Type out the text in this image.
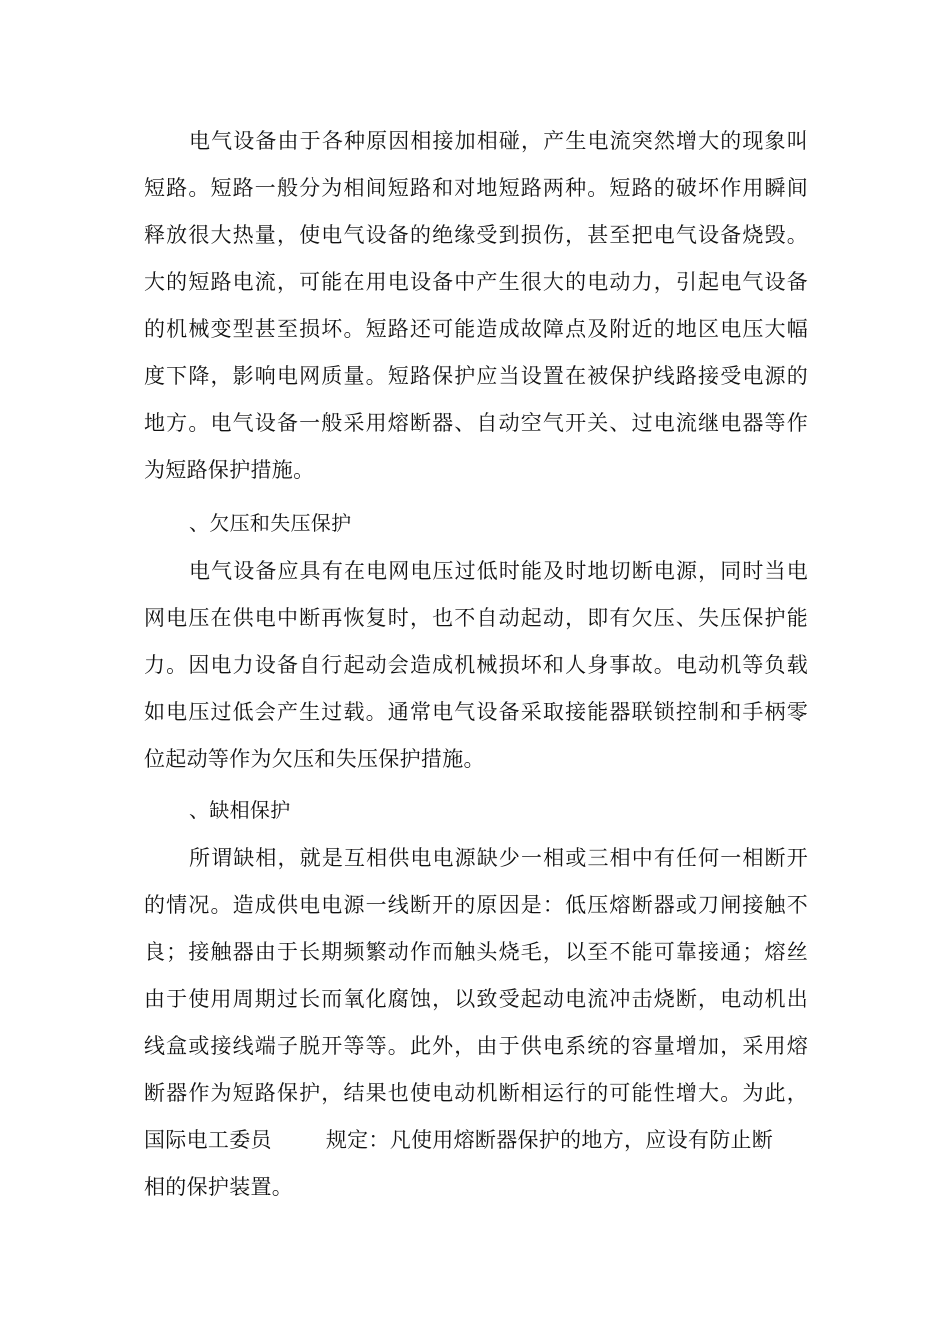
电气设备由于各种原因相接加相碰，产生电流突然增大的现象叫
短路。短路一般分为相间短路和对地短路两种。短路的破坏作用瞬间
释放很大热量，使电气设备的绝缘受到损伤，甚至把电气设备烧毁。
大的短路电流，可能在用电设备中产生很大的电动力，引起电气设备
的机械变型甚至损坏。短路还可能造成故障点及附近的地区电压大幅
度下降，影响电网质量。短路保护应当设置在被保护线路接受电源的
地方。电气设备一般采用熔断器、自动空气开关、过电流继电器等作
为短路保护措施。
、欠压和失压保护
电气设备应具有在电网电压过低时能及时地切断电源，同时当电
网电压在供电中断再恢复时，也不自动起动，即有欠压、失压保护能
力。因电力设备自行起动会造成机械损坏和人身事故。电动机等负载
如电压过低会产生过载。通常电气设备采取接能器联锁控制和手柄零
位起动等作为欠压和失压保护措施。
、缺相保护
所谓缺相，就是互相供电电源缺少一相或三相中有任何一相断开
的情况。造成供电电源一线断开的原因是：低压熔断器或刀闸接触不
良；接触器由于长期频繁动作而触头烧毛，以至不能可靠接通；熔丝
由于使用周期过长而氧化腐蚀，以致受起动电流冲击烧断，电动机出
线盒或接线端子脱开等等。此外，由于供电系统的容量增加，采用熔
断器作为短路保护，结果也使电动机断相运行的可能性增大。为此，
国际电工委员	规定：凡使用熔断器保护的地方，应设有防止断
相的保护装置。
